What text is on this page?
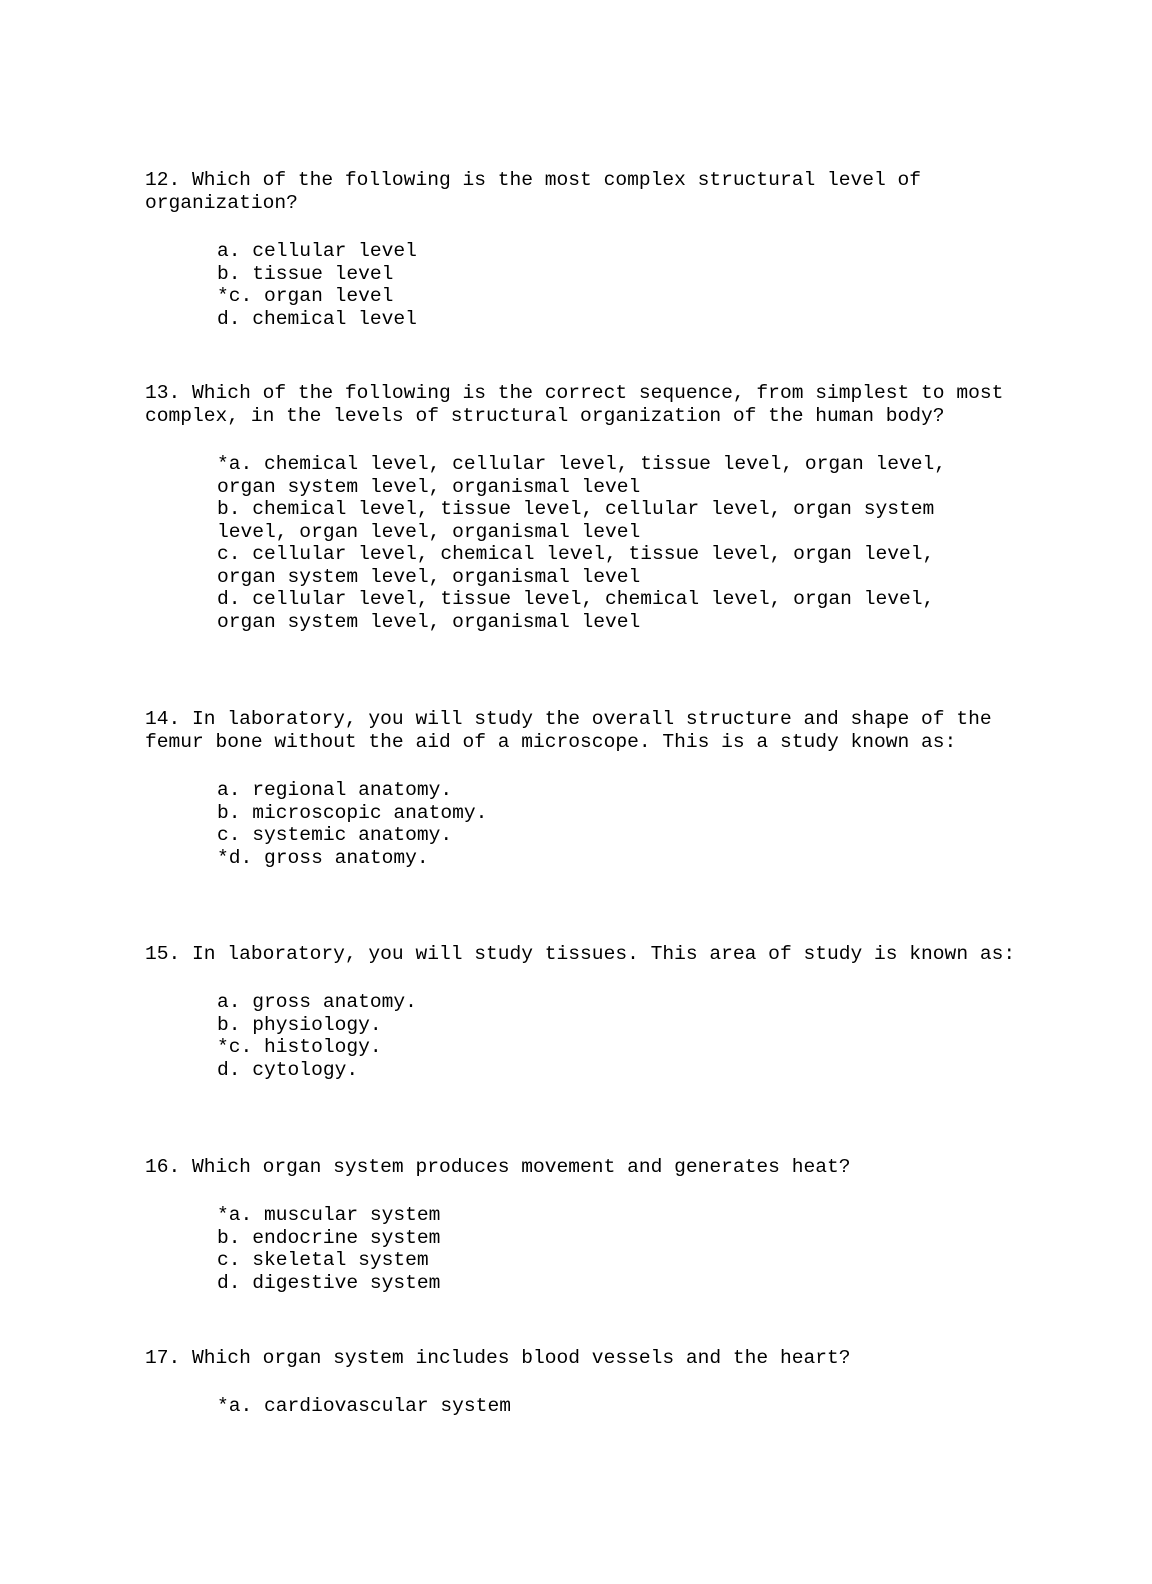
12. Which of the following is the most complex structural level of organization?

a. cellular level
b. tissue level
*c. organ level
d. chemical level

13. Which of the following is the correct sequence, from simplest to most complex, in the levels of structural organization of the human body?

*a. chemical level, cellular level, tissue level, organ level, organ system level, organismal level
b. chemical level, tissue level, cellular level, organ system level, organ level, organismal level
c. cellular level, chemical level, tissue level, organ level, organ system level, organismal level
d. cellular level, tissue level, chemical level, organ level, organ system level, organismal level

14. In laboratory, you will study the overall structure and shape of the femur bone without the aid of a microscope. This is a study known as:

a. regional anatomy.
b. microscopic anatomy.
c. systemic anatomy.
*d. gross anatomy.

15. In laboratory, you will study tissues. This area of study is known as:

a. gross anatomy.
b. physiology.
*c. histology.
d. cytology.

16. Which organ system produces movement and generates heat?

*a. muscular system
b. endocrine system
c. skeletal system
d. digestive system

17. Which organ system includes blood vessels and the heart?

*a. cardiovascular system
